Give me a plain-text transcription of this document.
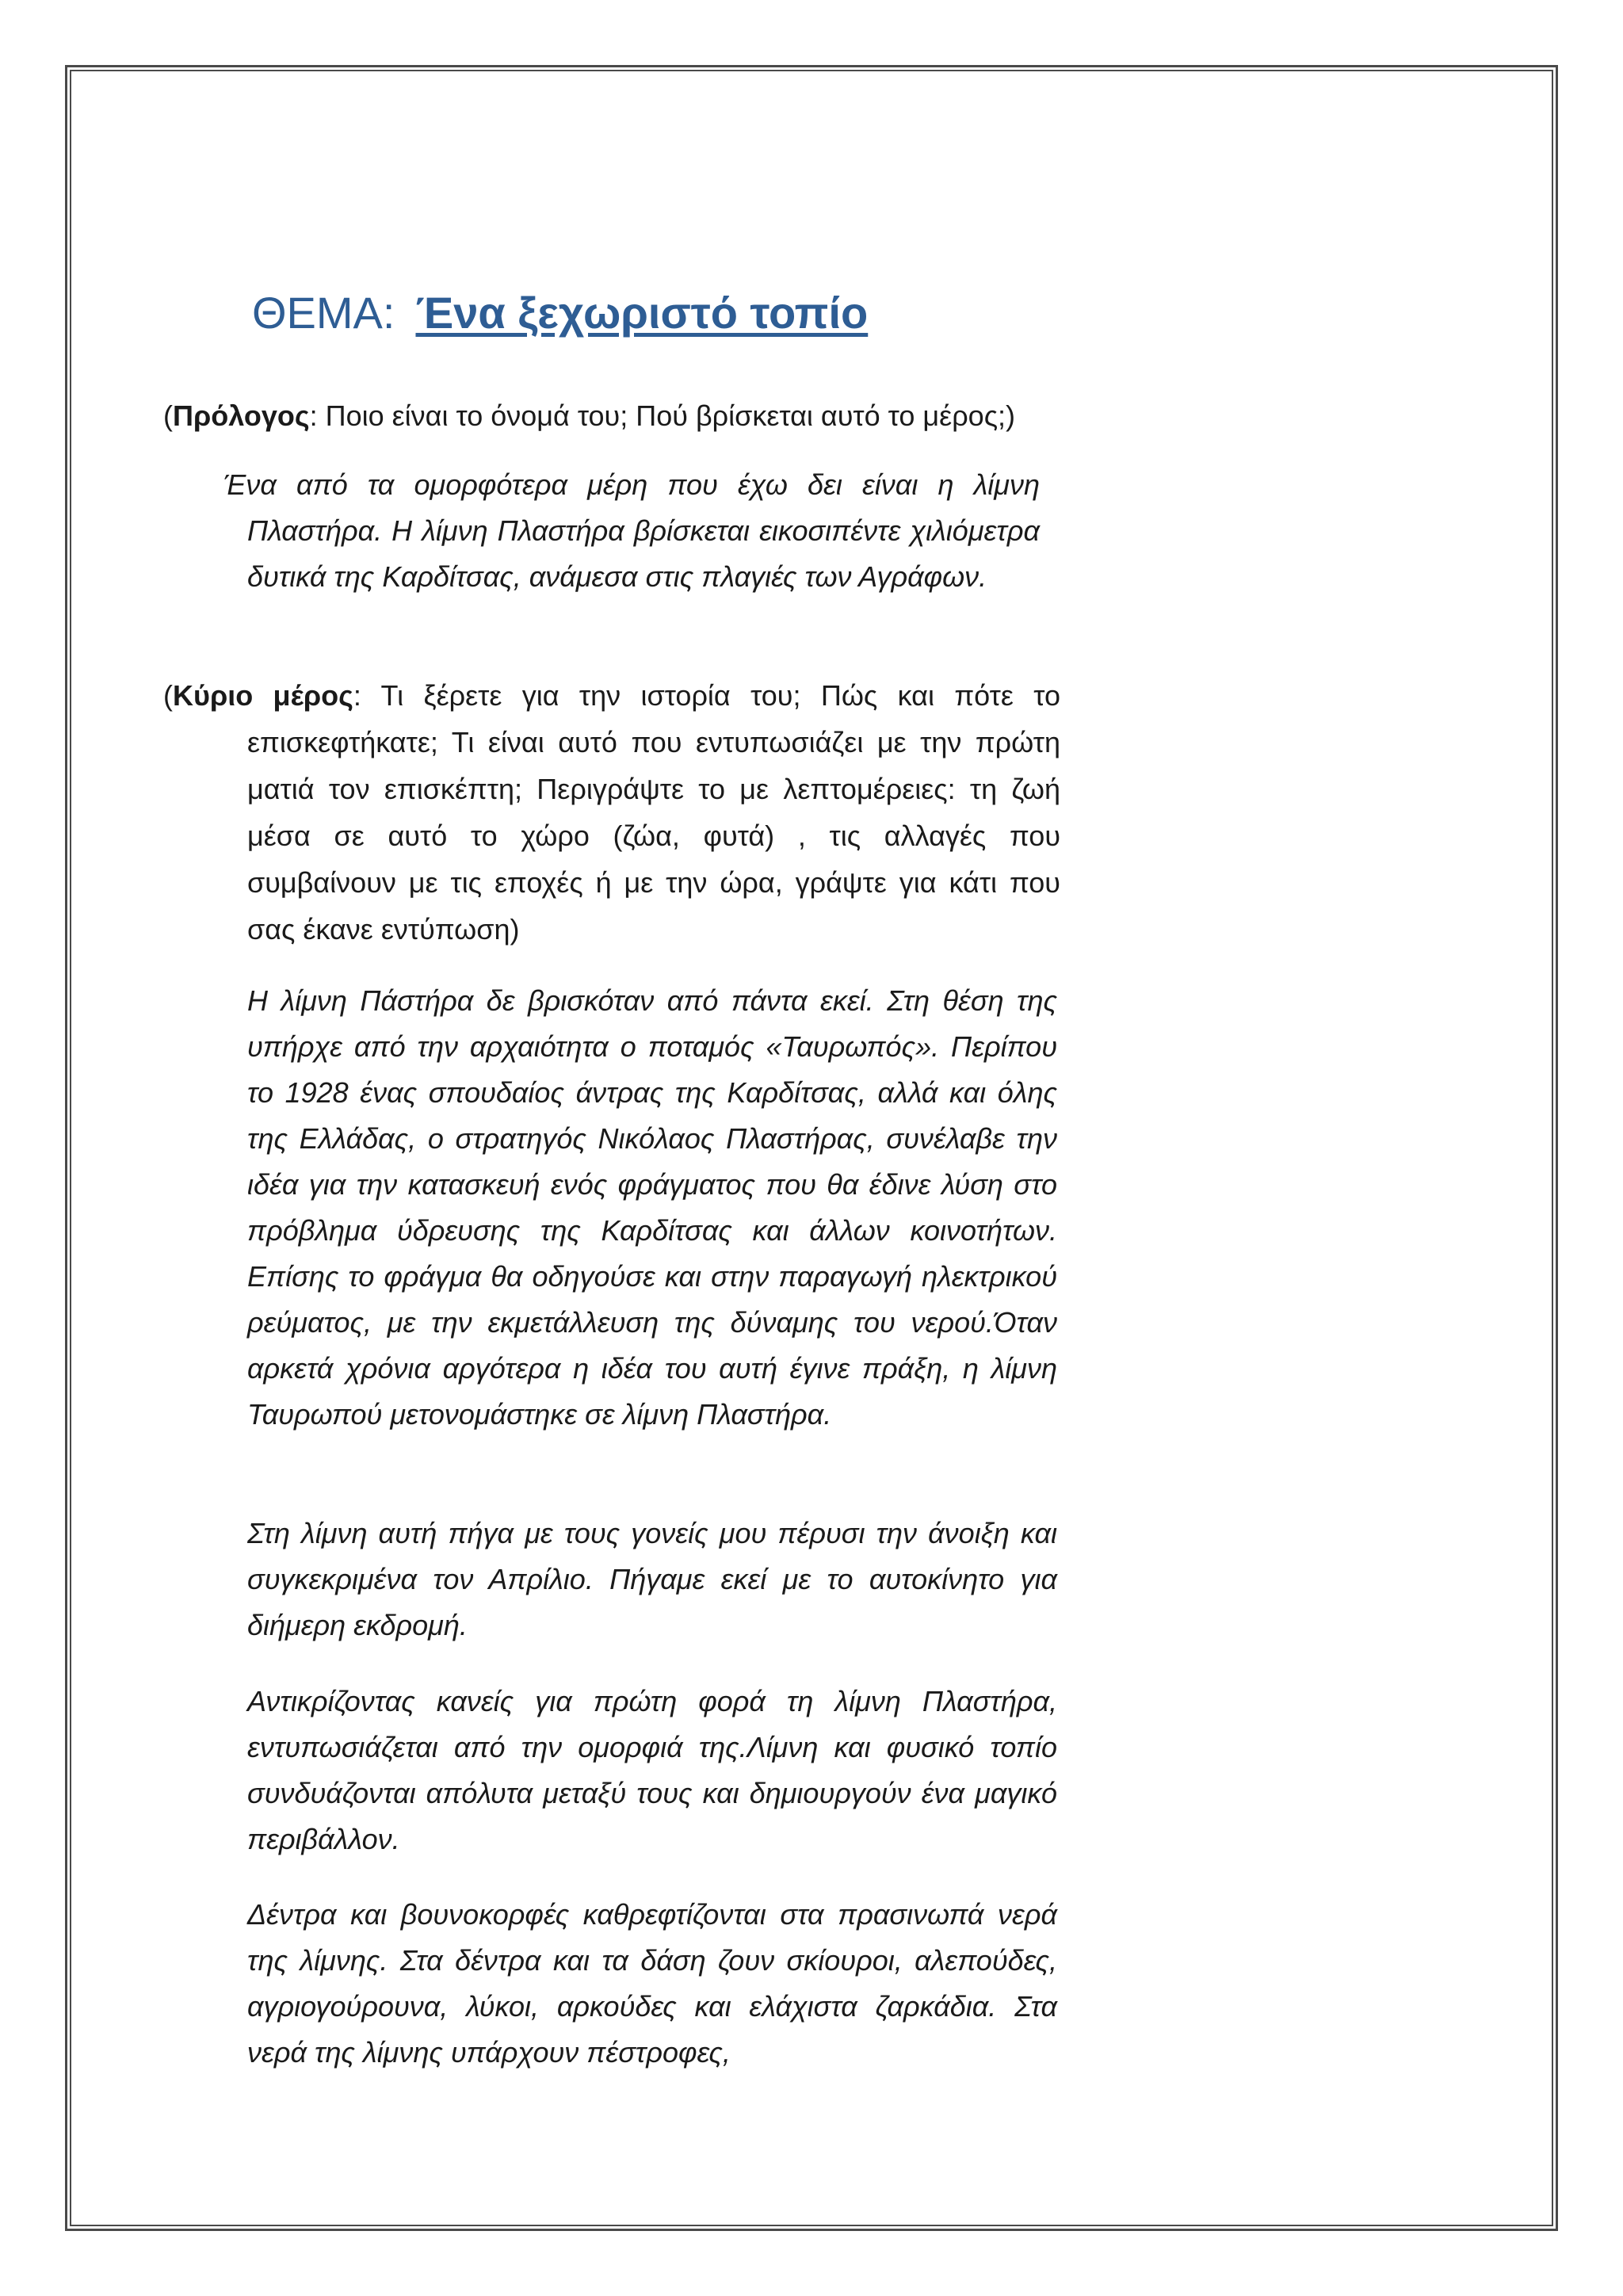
ΘΕΜΑ: Ένα ξεχωριστό τοπίο

(Πρόλογος: Ποιο είναι το όνομά του; Πού βρίσκεται αυτό το μέρος;)

Ένα από τα ομορφότερα μέρη που έχω δει είναι η λίμνη Πλαστήρα. Η λίμνη Πλαστήρα βρίσκεται εικοσιπέντε χιλιόμετρα δυτικά της Καρδίτσας, ανάμεσα στις πλαγιές των Αγράφων.

(Κύριο μέρος: Τι ξέρετε για την ιστορία του; Πώς και πότε το επισκεφτήκατε; Τι είναι αυτό που εντυπωσιάζει με την πρώτη ματιά τον επισκέπτη; Περιγράψτε το με λεπτομέρειες: τη ζωή μέσα σε αυτό το χώρο (ζώα, φυτά) , τις αλλαγές που συμβαίνουν με τις εποχές ή με την ώρα, γράψτε για κάτι που σας έκανε εντύπωση)

Η λίμνη Πάστήρα δε βρισκόταν από πάντα εκεί. Στη θέση της υπήρχε από την αρχαιότητα ο ποταμός «Ταυρωπός». Περίπου το 1928 ένας σπουδαίος άντρας της Καρδίτσας, αλλά και όλης της Ελλάδας, ο στρατηγός Νικόλαος Πλαστήρας, συνέλαβε την ιδέα για την κατασκευή ενός φράγματος που θα έδινε λύση στο πρόβλημα ύδρευσης της Καρδίτσας και άλλων κοινοτήτων. Επίσης το φράγμα θα οδηγούσε και στην παραγωγή ηλεκτρικού ρεύματος, με την εκμετάλλευση της δύναμης του νερού.Όταν αρκετά χρόνια αργότερα η ιδέα του αυτή έγινε πράξη, η λίμνη Ταυρωπού μετονομάστηκε σε λίμνη Πλαστήρα.

Στη λίμνη αυτή πήγα με τους γονείς μου πέρυσι την άνοιξη και συγκεκριμένα τον Απρίλιο. Πήγαμε εκεί με το αυτοκίνητο για διήμερη εκδρομή.

Αντικρίζοντας κανείς για πρώτη φορά τη λίμνη Πλαστήρα, εντυπωσιάζεται από την ομορφιά της.Λίμνη και φυσικό τοπίο συνδυάζονται απόλυτα μεταξύ τους και δημιουργούν ένα μαγικό περιβάλλον.

Δέντρα και βουνοκορφές καθρεφτίζονται στα πρασινωπά νερά της λίμνης. Στα δέντρα και τα δάση ζουν σκίουροι, αλεπούδες, αγριογούρουνα, λύκοι, αρκούδες και ελάχιστα ζαρκάδια. Στα νερά της λίμνης υπάρχουν πέστροφες,
